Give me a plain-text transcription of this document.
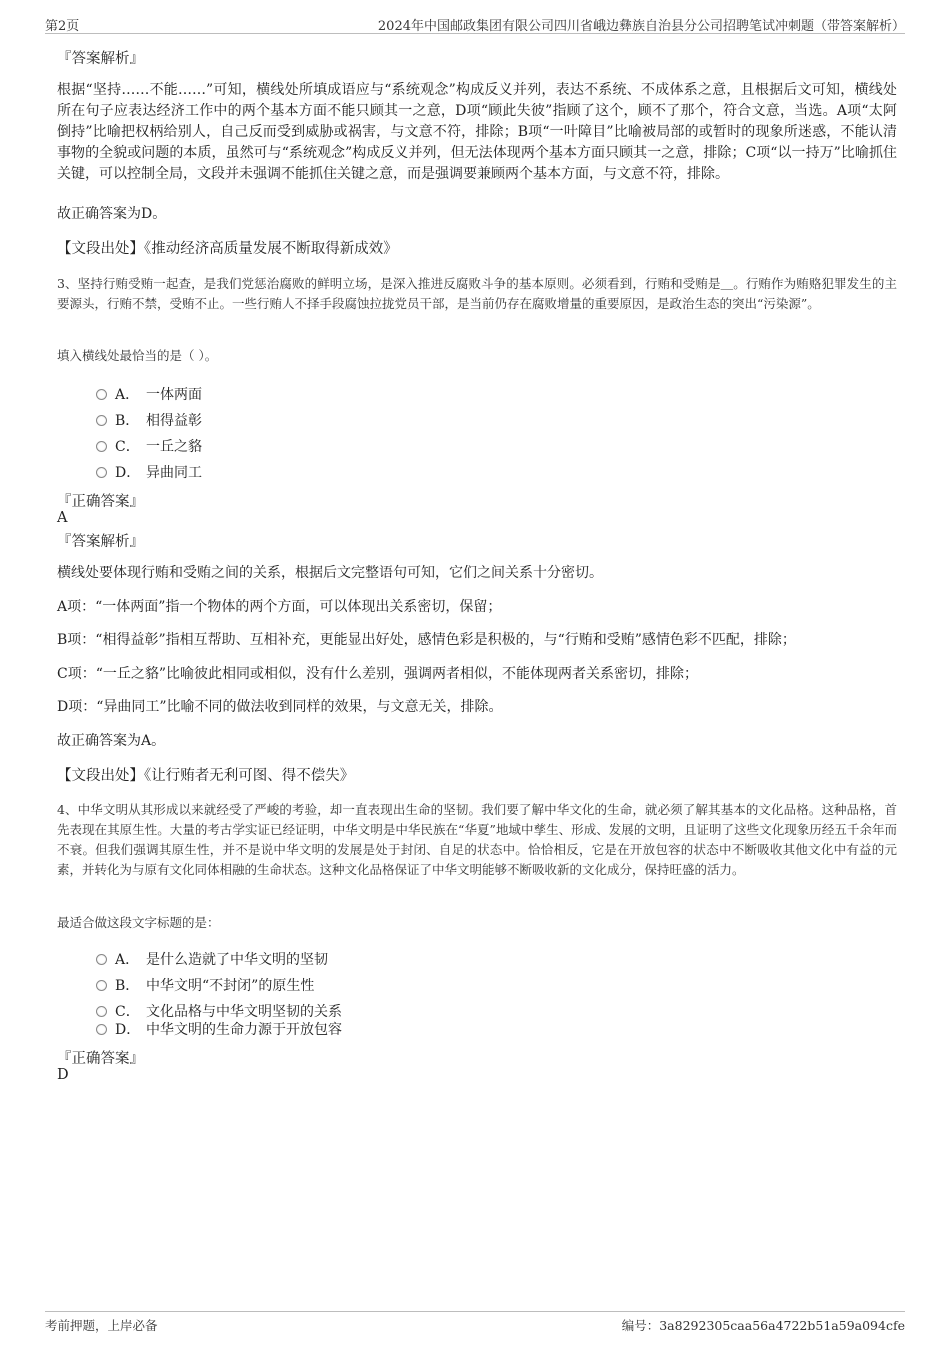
第2页	2024年中国邮政集团有限公司四川省峨边彝族自治县分公司招聘笔试冲刺题（带答案解析）
『答案解析』
根据“坚持……不能……”可知，横线处所填成语应与“系统观念”构成反义并列，表达不系统、不成体系之意，且根据后文可知，横线处所在句子应表达经济工作中的两个基本方面不能只顾其一之意，D项“顾此失彼”指顾了这个，顾不了那个，符合文意，当选。A项“太阿倒持”比喻把权柄给别人，自己反而受到威胁或祸害，与文意不符，排除；B项“一叶障目”比喻被局部的或暂时的现象所迷惑，不能认清事物的全貌或问题的本质，虽然可与“系统观念”构成反义并列，但无法体现两个基本方面只顾其一之意，排除；C项“以一持万”比喻抓住关键，可以控制全局，文段并未强调不能抓住关键之意，而是强调要兼顾两个基本方面，与文意不符，排除。
故正确答案为D。
【文段出处】《推动经济高质量发展不断取得新成效》
3、坚持行贿受贿一起查，是我们党惩治腐败的鲜明立场，是深入推进反腐败斗争的基本原则。必须看到，行贿和受贿是＿。行贿作为贿赂犯罪发生的主要源头，行贿不禁，受贿不止。一些行贿人不择手段腐蚀拉拢党员干部，是当前仍存在腐败增量的重要原因，是政治生态的突出“污染源”。
填入横线处最恰当的是（ ）。
A． 一体两面
B． 相得益彰
C． 一丘之貉
D． 异曲同工
『正确答案』
A
『答案解析』
横线处要体现行贿和受贿之间的关系，根据后文完整语句可知，它们之间关系十分密切。
A项：“一体两面”指一个物体的两个方面，可以体现出关系密切，保留；
B项：“相得益彰”指相互帮助、互相补充，更能显出好处，感情色彩是积极的，与“行贿和受贿”感情色彩不匹配，排除；
C项：“一丘之貉”比喻彼此相同或相似，没有什么差别，强调两者相似，不能体现两者关系密切，排除；
D项：“异曲同工”比喻不同的做法收到同样的效果，与文意无关，排除。
故正确答案为A。
【文段出处】《让行贿者无利可图、得不偿失》
4、中华文明从其形成以来就经受了严峻的考验，却一直表现出生命的坚韧。我们要了解中华文化的生命，就必须了解其基本的文化品格。这种品格，首先表现在其原生性。大量的考古学实证已经证明，中华文明是中华民族在“华夏”地域中孳生、形成、发展的文明，且证明了这些文化现象历经五千余年而不衰。但我们强调其原生性，并不是说中华文明的发展是处于封闭、自足的状态中。恰恰相反，它是在开放包容的状态中不断吸收其他文化中有益的元素，并转化为与原有文化同体相融的生命状态。这种文化品格保证了中华文明能够不断吸收新的文化成分，保持旺盛的活力。
最适合做这段文字标题的是：
A． 是什么造就了中华文明的坚韧
B． 中华文明“不封闭”的原生性
C． 文化品格与中华文明坚韧的关系
D． 中华文明的生命力源于开放包容
『正确答案』
D
考前押题，上岸必备	编号：3a8292305caa56a4722b51a59a094cfe
